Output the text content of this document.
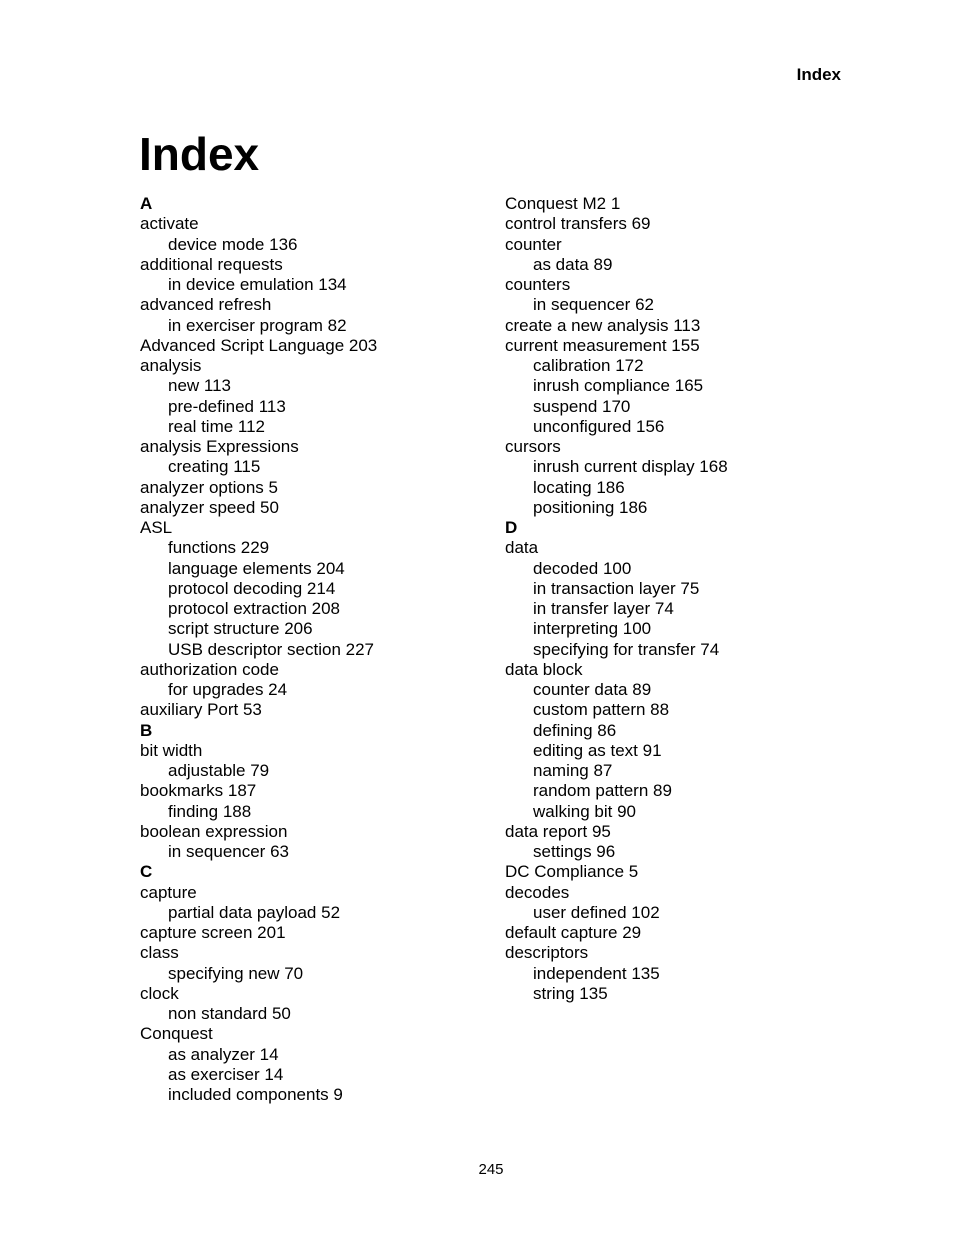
Index
Index
A
activate
device mode 136
additional requests
in device emulation 134
advanced refresh
in exerciser program 82
Advanced Script Language 203
analysis
new 113
pre-defined 113
real time 112
analysis Expressions
creating 115
analyzer options 5
analyzer speed 50
ASL
functions 229
language elements 204
protocol decoding 214
protocol extraction 208
script structure 206
USB descriptor section 227
authorization code
for upgrades 24
auxiliary Port 53
B
bit width
adjustable 79
bookmarks 187
finding 188
boolean expression
in sequencer 63
C
capture
partial data payload 52
capture screen 201
class
specifying new 70
clock
non standard 50
Conquest
as analyzer 14
as exerciser 14
included components 9
Conquest M2 1
control transfers 69
counter
as data 89
counters
in sequencer 62
create a new analysis 113
current measurement 155
calibration 172
inrush compliance 165
suspend 170
unconfigured 156
cursors
inrush current display 168
locating 186
positioning 186
D
data
decoded 100
in transaction layer 75
in transfer layer 74
interpreting 100
specifying for transfer 74
data block
counter data 89
custom pattern 88
defining 86
editing as text 91
naming 87
random pattern 89
walking bit 90
data report 95
settings 96
DC Compliance 5
decodes
user defined 102
default capture 29
descriptors
independent 135
string 135
245
